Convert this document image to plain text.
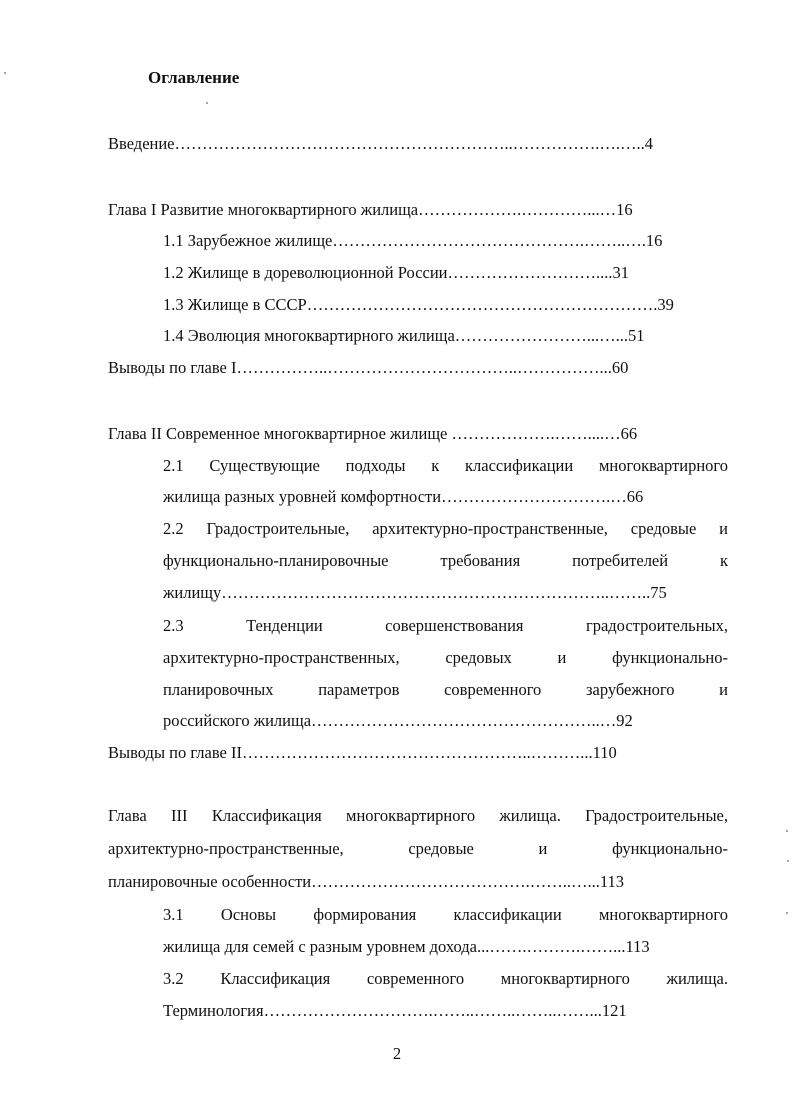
Оглавление
Введение……………………………………………………..…………….….…..4
Глава I Развитие многоквартирного жилища……………….…………...…16
1.1 Зарубежное жилище……………………………………….……..….16
1.2 Жилище в дореволюционной России………………………....31
1.3 Жилище в СССР……………………………………………………….39
1.4 Эволюция многоквартирного жилища……………………...…...51
Выводы по главе I……………..……………………………..……………...60
Глава II Современное многоквартирное жилище ……………….……....…66
2.1 Существующие подходы к классификации многоквартирного
жилища разных уровней комфортности………………………….…66
2.2 Градостроительные, архитектурно-пространственные, средовые и
функционально-планировочные требования потребителей к
жилищу……………………………………………………………..……..75
2.3 Тенденции совершенствования градостроительных,
архитектурно-пространственных, средовых и функционально-
планировочных параметров современного зарубежного и
российского жилища……………………………………………..…92
Выводы по главе II……………………………………………..………...110
Глава III Классификация многоквартирного жилища. Градостроительные,
архитектурно-пространственные, средовые и функционально-
планировочные особенности………………………………….……..…...113
3.1 Основы формирования классификации многоквартирного
жилища для семей с разным уровнем дохода...…….……….……...113
3.2 Классификация современного многоквартирного жилища.
Терминология………………………….……..……..……..……...121
2
